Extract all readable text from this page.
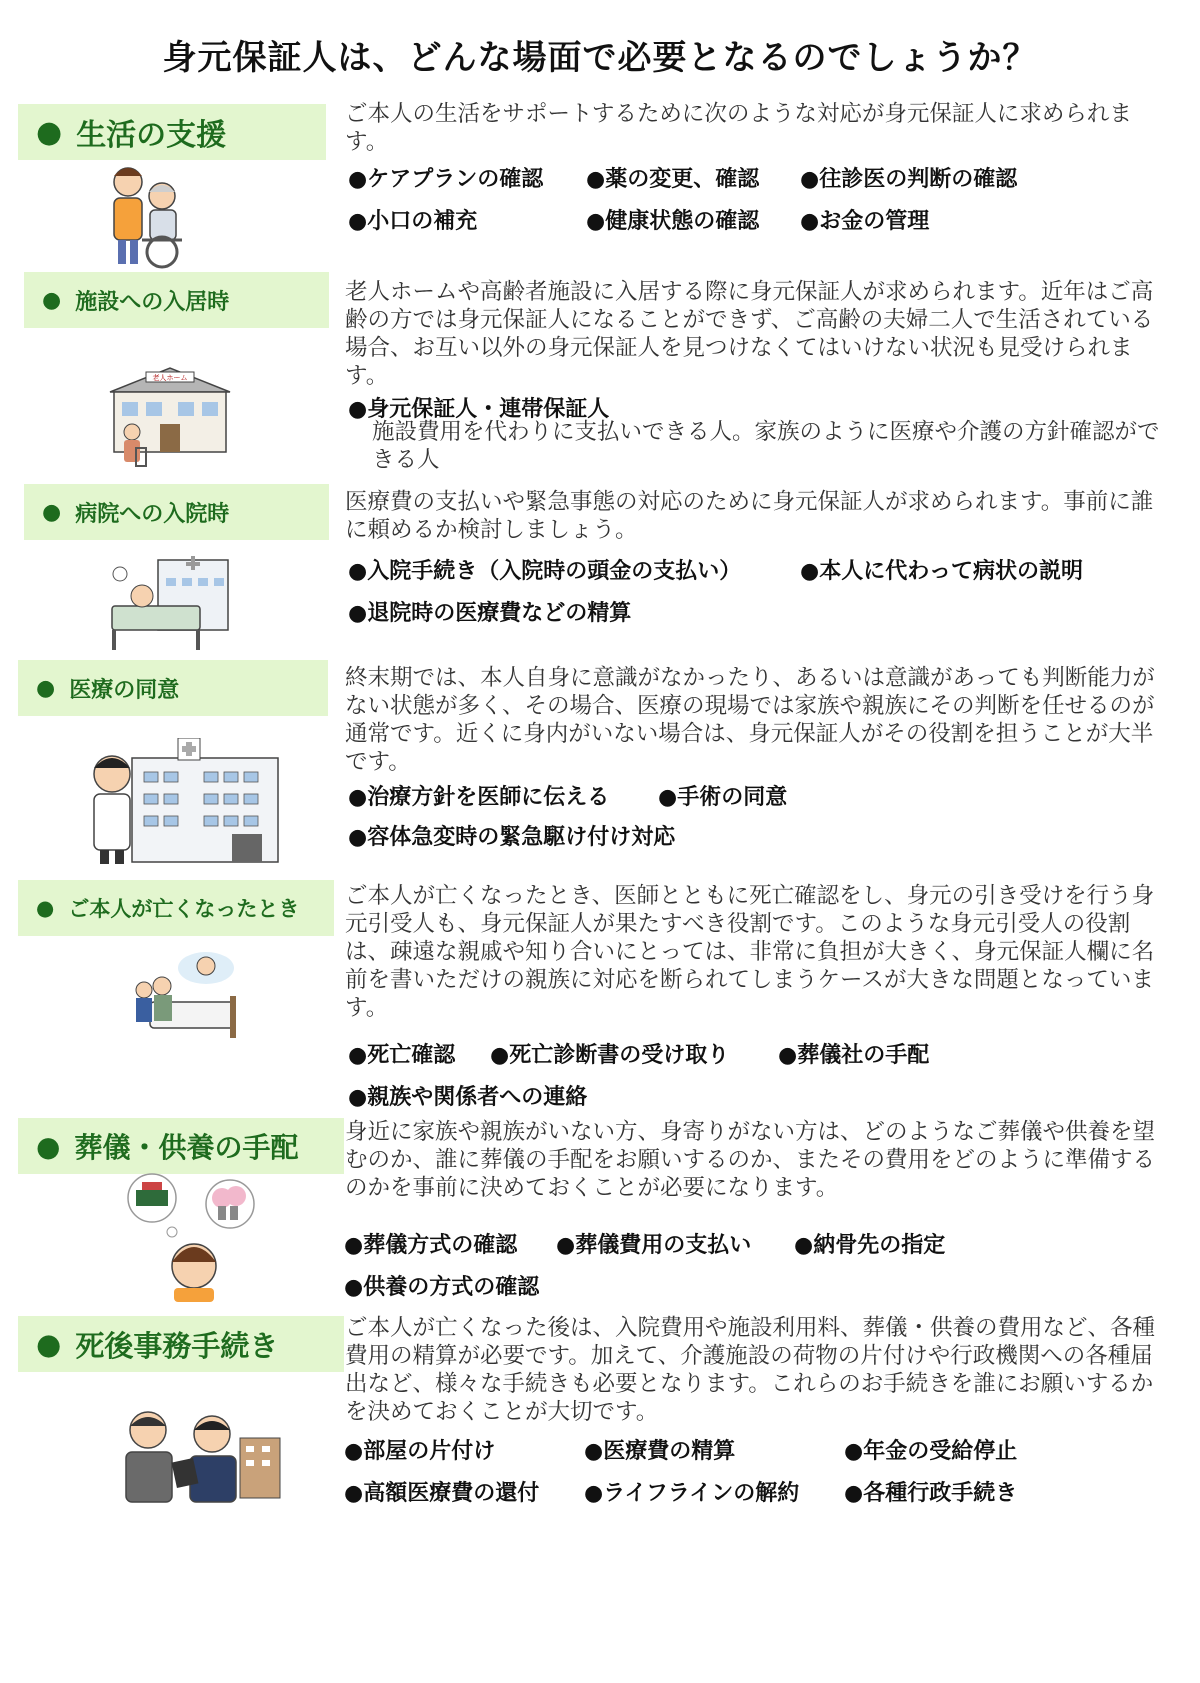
身元保証人は、どんな場面で必要となるのでしょうか？
● 生活の支援

ご本人の生活をサポートするために次のような対応が身元保証人に求められます。

●ケアプランの確認 ●薬の変更、確認 ●往診医の判断の確認
●小口の補充	●健康状態の確認 ●お金の管理
● 施設への入居時
老人ホーム

老人ホームや高齢者施設に入居する際に身元保証人が求められます。近年はご高齢の方では身元保証人になることができず、ご高齢の夫婦二人で生活されている場合、お互い以外の身元保証人を見つけなくてはいけない状況も見受けられます。

●身元保証人・連帯保証人

施設費用を代わりに支払いできる人。家族のように医療や介護の方針確認ができる人

● 病院への入院時	医療費の支払いや緊急事態の対応のために身元保証人が求められます。事前に誰に頼めるか検討しましょう。

●入院手続き（入院時の頭金の支払い）	●本人に代わって病状の説明
●退院時の医療費などの精算
● 医療の同意	終末期では、本人自身に意識がなかったり、あるいは意識があっても判断能力がない状態が多く、その場合、医療の現場では家族や親族にその判断を任せるのが通常です。近くに身内がいない場合は、身元保証人がその役割を担うことが大半です。

●治療方針を医師に伝える ●手術の同意
●容体急変時の緊急駆け付け対応
● ご本人が亡くなったとき ご本人が亡くなったとき、医師とともに死亡確認をし、身元の引き受けを行う身元引受人も、身元保証人が果たすべき役割です。このような身元引受人の役割は、疎遠な親戚や知り合いにとっては、非常に負担が大きく、身元保証人欄に名前を書いただけの親族に対応を断られてしまうケースが大きな問題となっています。

●死亡確認 ●死亡診断書の受け取り ●葬儀社の手配
●親族や関係者への連絡
● 葬儀・供養の手配 身近に家族や親族がいない方、身寄りがない方は、どのようなご葬儀や供養を望むのか、誰に葬儀の手配をお願いするのか、またその費用をどのように準備するのかを事前に決めておくことが必要になります。

●葬儀方式の確認 ●葬儀費用の支払い ●納骨先の指定
●供養の方式の確認
● 死後事務手続き

ご本人が亡くなった後は、入院費用や施設利用料、葬儀・供養の費用など、各種費用の精算が必要です。加えて、介護施設の荷物の片付けや行政機関への各種届出など、様々な手続きも必要となります。これらのお手続きを誰にお願いするかを決めておくことが大切です。

●部屋の片付け	●医療費の精算	●年金の受給停止
●高額医療費の還付 ●ライフラインの解約 ●各種行政手続き
